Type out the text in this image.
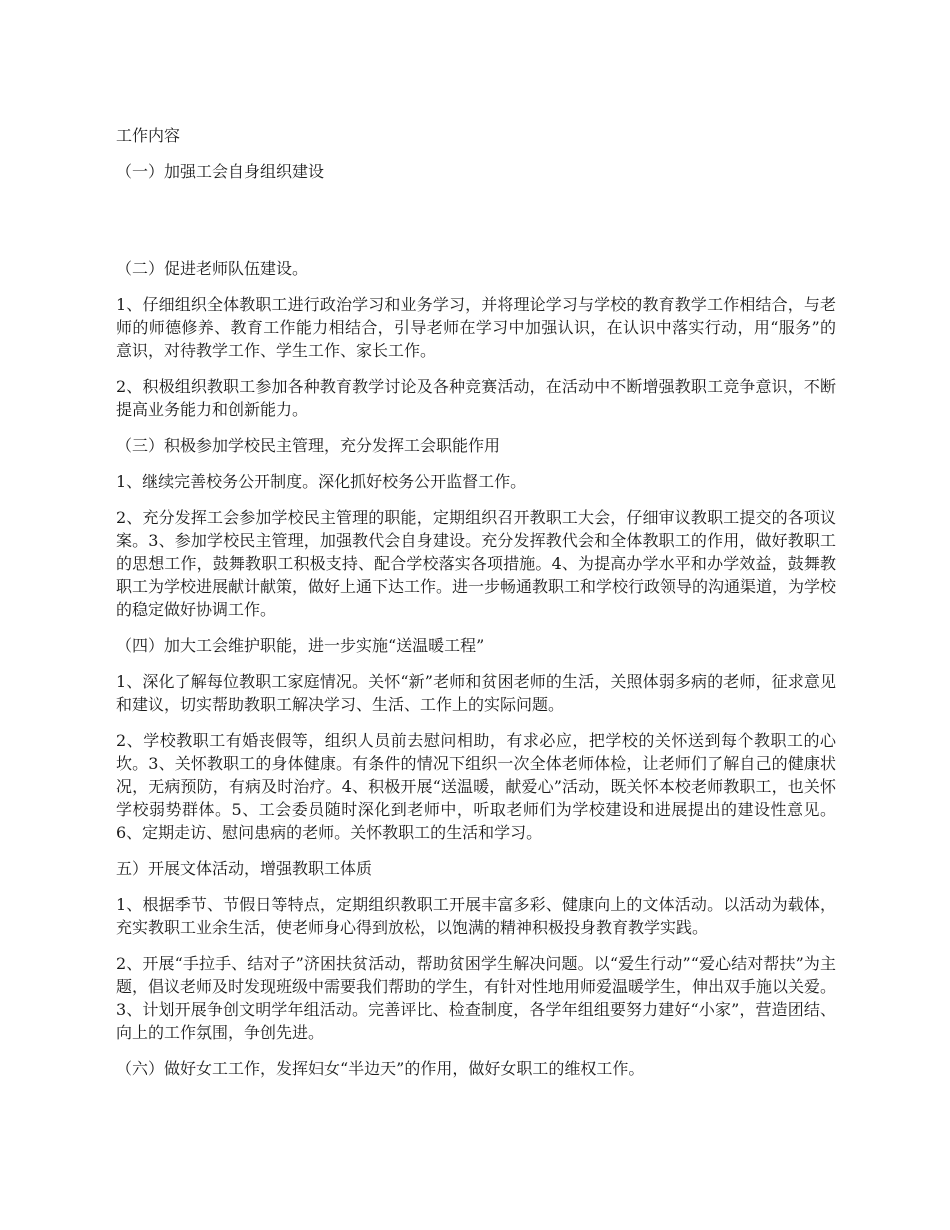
工作内容

（一）加强工会自身组织建设

（二）促进老师队伍建设。

1、仔细组织全体教职工进行政治学习和业务学习，并将理论学习与学校的教育教学工作相结合，与老师的师德修养、教育工作能力相结合，引导老师在学习中加强认识，在认识中落实行动，用“服务”的意识，对待教学工作、学生工作、家长工作。

2、积极组织教职工参加各种教育教学讨论及各种竞赛活动，在活动中不断增强教职工竞争意识，不断提高业务能力和创新能力。

（三）积极参加学校民主管理，充分发挥工会职能作用

1、继续完善校务公开制度。深化抓好校务公开监督工作。

2、充分发挥工会参加学校民主管理的职能，定期组织召开教职工大会，仔细审议教职工提交的各项议案。3、参加学校民主管理，加强教代会自身建设。充分发挥教代会和全体教职工的作用，做好教职工的思想工作，鼓舞教职工积极支持、配合学校落实各项措施。4、为提高办学水平和办学效益，鼓舞教职工为学校进展献计献策，做好上通下达工作。进一步畅通教职工和学校行政领导的沟通渠道，为学校的稳定做好协调工作。

（四）加大工会维护职能，进一步实施“送温暖工程”

1、深化了解每位教职工家庭情况。关怀“新”老师和贫困老师的生活，关照体弱多病的老师，征求意见和建议，切实帮助教职工解决学习、生活、工作上的实际问题。

2、学校教职工有婚丧假等，组织人员前去慰问相助，有求必应，把学校的关怀送到每个教职工的心坎。3、关怀教职工的身体健康。有条件的情况下组织一次全体老师体检，让老师们了解自己的健康状况，无病预防，有病及时治疗。4、积极开展“送温暖，献爱心”活动，既关怀本校老师教职工，也关怀学校弱势群体。5、工会委员随时深化到老师中，听取老师们为学校建设和进展提出的建设性意见。6、定期走访、慰问患病的老师。关怀教职工的生活和学习。

五）开展文体活动，增强教职工体质

1、根据季节、节假日等特点，定期组织教职工开展丰富多彩、健康向上的文体活动。以活动为载体，充实教职工业余生活，使老师身心得到放松，以饱满的精神积极投身教育教学实践。

2、开展“手拉手、结对子”济困扶贫活动，帮助贫困学生解决问题。以“爱生行动”“爱心结对帮扶”为主题，倡议老师及时发现班级中需要我们帮助的学生，有针对性地用师爱温暖学生，伸出双手施以关爱。3、计划开展争创文明学年组活动。完善评比、检查制度，各学年组组要努力建好“小家”，营造团结、向上的工作氛围，争创先进。

（六）做好女工工作，发挥妇女“半边天”的作用，做好女职工的维权工作。
